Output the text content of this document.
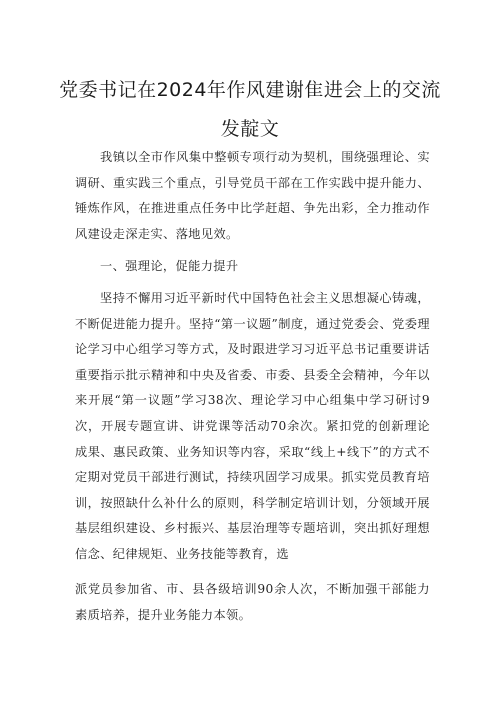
党委书记在2024年作风建谢隹进会上的交流
发靛文

我镇以全市作风集中整顿专项行动为契机，围绕强理论、实调研、重实践三个重点，引导党员干部在工作实践中提升能力、锤炼作风，在推进重点任务中比学赶超、争先出彩，全力推动作风建设走深走实、落地见效。

一、强理论，促能力提升

坚持不懈用习近平新时代中国特色社会主义思想凝心铸魂，不断促进能力提升。坚持“第一议题”制度，通过党委会、党委理论学习中心组学习等方式，及时跟进学习习近平总书记重要讲话重要指示批示精神和中央及省委、市委、县委全会精神，今年以来开展“第一议题”学习38次、理论学习中心组集中学习研讨9次，开展专题宣讲、讲党课等活动70余次。紧扣党的创新理论成果、惠民政策、业务知识等内容，采取“线上+线下”的方式不定期对党员干部进行测试，持续巩固学习成果。抓实党员教育培训，按照缺什么补什么的原则，科学制定培训计划，分领域开展基层组织建设、乡村振兴、基层治理等专题培训，突出抓好理想信念、纪律规矩、业务技能等教育，选

派党员参加省、市、县各级培训90余人次，不断加强干部能力素质培养，提升业务能力本领。
